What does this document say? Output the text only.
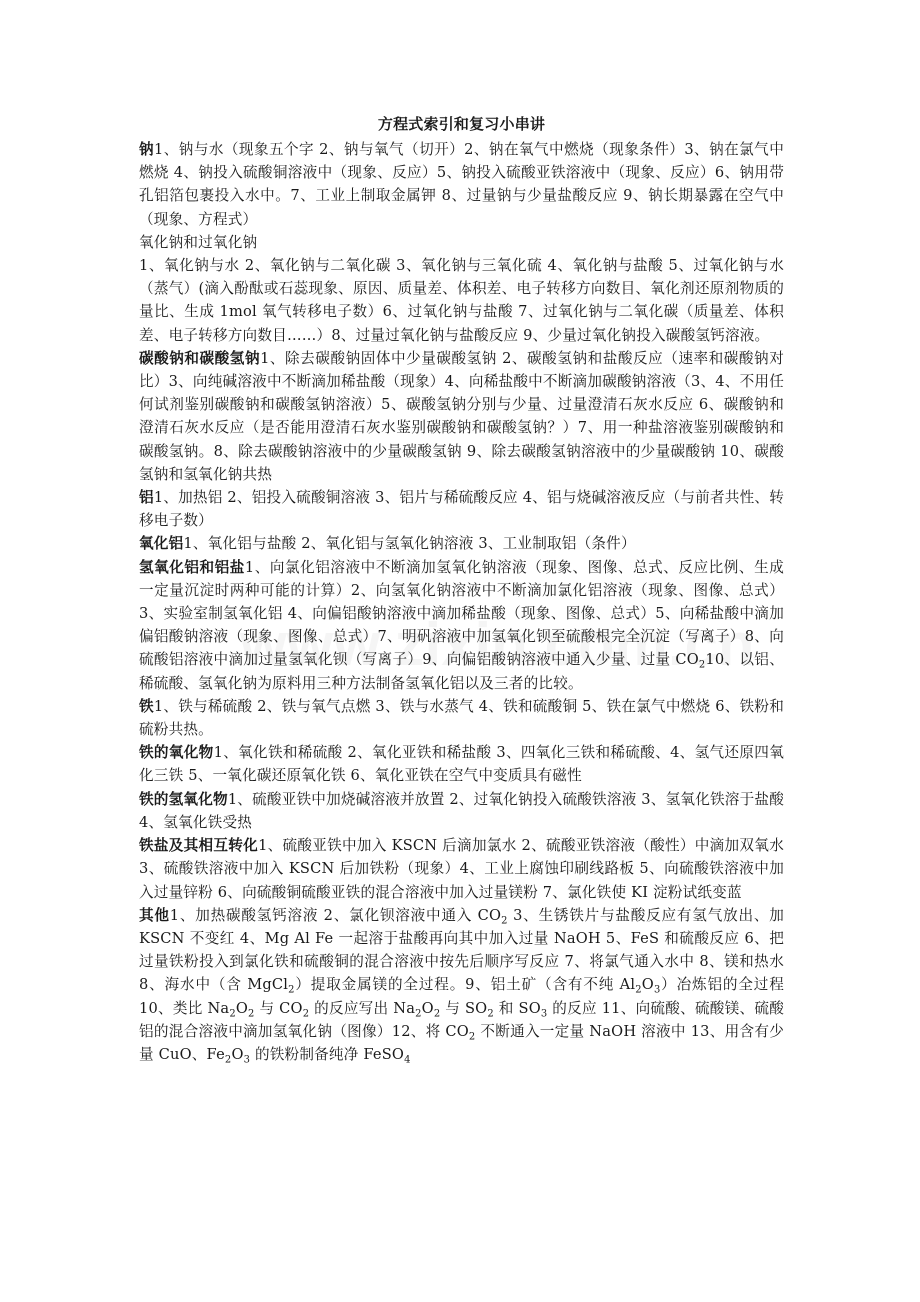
方程式索引和复习小串讲

钠1、钠与水（现象五个字 2、钠与氧气（切开）2、钠在氧气中燃烧（现象条件）3、钠在氯气中燃烧 4、钠投入硫酸铜溶液中（现象、反应）5、钠投入硫酸亚铁溶液中（现象、反应）6、钠用带孔铝箔包裹投入水中。7、工业上制取金属钾 8、过量钠与少量盐酸反应 9、钠长期暴露在空气中（现象、方程式）

氧化钠和过氧化钠

1、氧化钠与水 2、氧化钠与二氧化碳 3、氧化钠与三氧化硫 4、氧化钠与盐酸 5、过氧化钠与水（蒸气）(滴入酚酞或石蕊现象、原因、质量差、体积差、电子转移方向数目、氧化剂还原剂物质的量比、生成 1mol 氧气转移电子数）6、过氧化钠与盐酸 7、过氧化钠与二氧化碳（质量差、体积差、电子转移方向数目……）8、过量过氧化钠与盐酸反应 9、少量过氧化钠投入碳酸氢钙溶液。

碳酸钠和碳酸氢钠1、除去碳酸钠固体中少量碳酸氢钠 2、碳酸氢钠和盐酸反应（速率和碳酸钠对比）3、向纯碱溶液中不断滴加稀盐酸（现象）4、向稀盐酸中不断滴加碳酸钠溶液（3、4、不用任何试剂鉴别碳酸钠和碳酸氢钠溶液）5、碳酸氢钠分别与少量、过量澄清石灰水反应 6、碳酸钠和澄清石灰水反应（是否能用澄清石灰水鉴别碳酸钠和碳酸氢钠？）7、用一种盐溶液鉴别碳酸钠和碳酸氢钠。8、除去碳酸钠溶液中的少量碳酸氢钠 9、除去碳酸氢钠溶液中的少量碳酸钠 10、碳酸氢钠和氢氧化钠共热

铝1、加热铝 2、铝投入硫酸铜溶液 3、铝片与稀硫酸反应 4、铝与烧碱溶液反应（与前者共性、转移电子数）

氧化铝1、氧化铝与盐酸 2、氧化铝与氢氧化钠溶液 3、工业制取铝（条件）

氢氧化铝和铝盐1、向氯化铝溶液中不断滴加氢氧化钠溶液（现象、图像、总式、反应比例、生成一定量沉淀时两种可能的计算）2、向氢氧化钠溶液中不断滴加氯化铝溶液（现象、图像、总式）3、实验室制氢氧化铝 4、向偏铝酸钠溶液中滴加稀盐酸（现象、图像、总式）5、向稀盐酸中滴加偏铝酸钠溶液（现象、图像、总式）7、明矾溶液中加氢氧化钡至硫酸根完全沉淀（写离子）8、向硫酸铝溶液中滴加过量氢氧化钡（写离子）9、向偏铝酸钠溶液中通入少量、过量 $CO_210$、以铝、稀硫酸、氢氧化钠为原料用三种方法制备氢氧化铝以及三者的比较。

铁1、铁与稀硫酸 2、铁与氧气点燃 3、铁与水蒸气 4、铁和硫酸铜 5、铁在氯气中燃烧 6、铁粉和硫粉共热。

铁的氧化物1、氧化铁和稀硫酸 2、氧化亚铁和稀盐酸 3、四氧化三铁和稀硫酸、4、氢气还原四氧化三铁 5、一氧化碳还原氧化铁 6、氧化亚铁在空气中变质具有磁性

铁的氢氧化物1、硫酸亚铁中加烧碱溶液并放置 2、过氧化钠投入硫酸铁溶液 3、氢氧化铁溶于盐酸 4、氢氧化铁受热

铁盐及其相互转化1、硫酸亚铁中加入 KSCN 后滴加氯水 2、硫酸亚铁溶液（酸性）中滴加双氧水 3、硫酸铁溶液中加入 KSCN 后加铁粉（现象）4、工业上腐蚀印刷线路板 5、向硫酸铁溶液中加入过量锌粉 6、向硫酸铜硫酸亚铁的混合溶液中加入过量镁粉 7、氯化铁使 KI 淀粉试纸变蓝

其他1、加热碳酸氢钙溶液 2、氯化钡溶液中通入 $CO_2$ 3、生锈铁片与盐酸反应有氢气放出、加 KSCN 不变红 4、Mg Al Fe 一起溶于盐酸再向其中加入过量 NaOH 5、FeS 和硫酸反应 6、把过量铁粉投入到氯化铁和硫酸铜的混合溶液中按先后顺序写反应 7、将氯气通入水中 8、镁和热水 8、海水中（含 MgCl$_2$）提取金属镁的全过程。9、铝土矿（含有不纯 $Al_2O_3$）冶炼铝的全过程 10、类比 $Na_2O_2$ 与 $CO_2$ 的反应写出 $Na_2O_2$ 与 $SO_2$ 和 $SO_3$ 的反应 11、向硫酸、硫酸镁、硫酸铝的混合溶液中滴加氢氧化钠（图像）12、将 $CO_2$ 不断通入一定量 NaOH 溶液中 13、用含有少量 CuO、$Fe_2O_3$ 的铁粉制备纯净 FeSO$_4$
